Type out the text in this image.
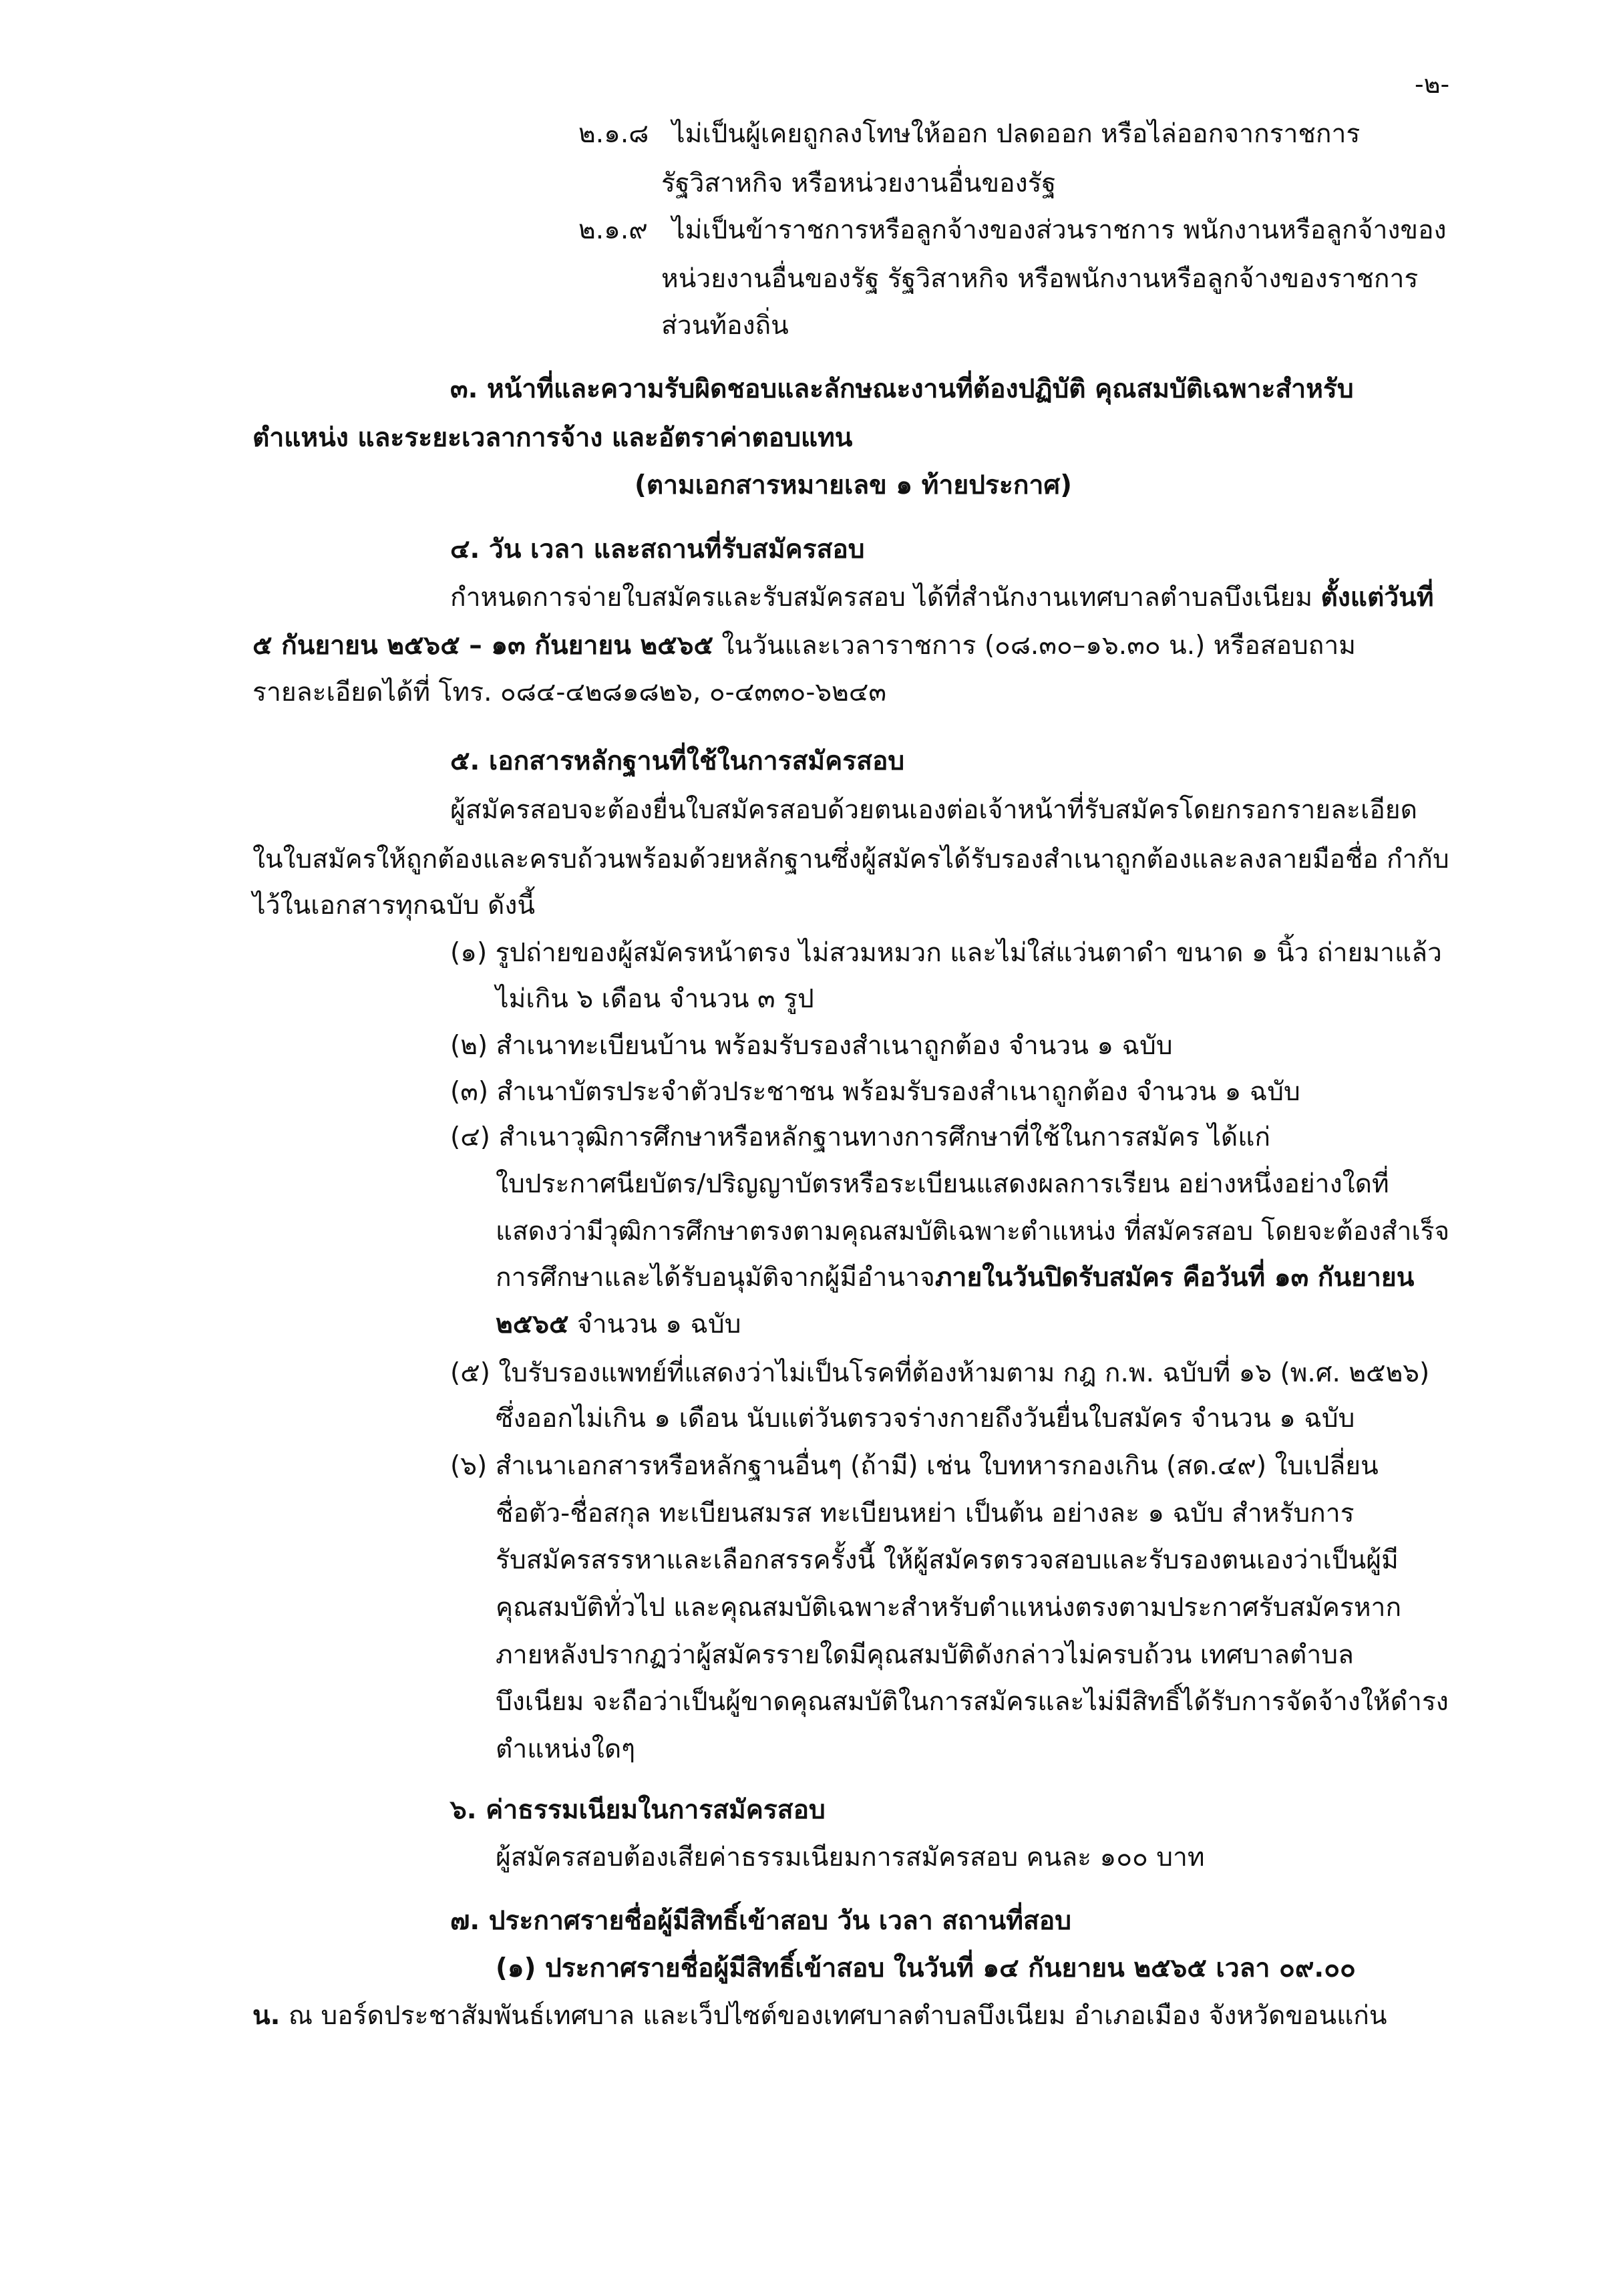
-๒-
๒.๑.๘ ไม่เป็นผู้เคยถูกลงโทษให้ออก ปลดออก หรือไล่ออกจากราชการ
รัฐวิสาหกิจ หรือหน่วยงานอื่นของรัฐ
๒.๑.๙ ไม่เป็นข้าราชการหรือลูกจ้างของส่วนราชการ พนักงานหรือลูกจ้างของ
หน่วยงานอื่นของรัฐ รัฐวิสาหกิจ หรือพนักงานหรือลูกจ้างของราชการ
ส่วนท้องถิ่น
๓. หน้าที่และความรับผิดชอบและลักษณะงานที่ต้องปฏิบัติ คุณสมบัติเฉพาะสำหรับ
ตำแหน่ง และระยะเวลาการจ้าง และอัตราค่าตอบแทน
(ตามเอกสารหมายเลข ๑ ท้ายประกาศ)
๔. วัน เวลา และสถานที่รับสมัครสอบ
กำหนดการจ่ายใบสมัครและรับสมัครสอบ ได้ที่สำนักงานเทศบาลตำบลบึงเนียม ตั้งแต่วันที่
๕ กันยายน ๒๕๖๕ – ๑๓ กันยายน ๒๕๖๕ ในวันและเวลาราชการ (๐๘.๓๐–๑๖.๓๐ น.) หรือสอบถาม
รายละเอียดได้ที่ โทร. ๐๘๔-๔๒๘๑๘๒๖, ๐-๔๓๓๐-๖๒๔๓
๕. เอกสารหลักฐานที่ใช้ในการสมัครสอบ
ผู้สมัครสอบจะต้องยื่นใบสมัครสอบด้วยตนเองต่อเจ้าหน้าที่รับสมัครโดยกรอกรายละเอียด
ในใบสมัครให้ถูกต้องและครบถ้วนพร้อมด้วยหลักฐานซึ่งผู้สมัครได้รับรองสำเนาถูกต้องและลงลายมือชื่อ กำกับ
ไว้ในเอกสารทุกฉบับ ดังนี้
(๑) รูปถ่ายของผู้สมัครหน้าตรง ไม่สวมหมวก และไม่ใส่แว่นตาดำ ขนาด ๑ นิ้ว ถ่ายมาแล้ว
ไม่เกิน ๖ เดือน จำนวน ๓ รูป
(๒) สำเนาทะเบียนบ้าน พร้อมรับรองสำเนาถูกต้อง จำนวน ๑ ฉบับ
(๓) สำเนาบัตรประจำตัวประชาชน พร้อมรับรองสำเนาถูกต้อง จำนวน ๑ ฉบับ
(๔) สำเนาวุฒิการศึกษาหรือหลักฐานทางการศึกษาที่ใช้ในการสมัคร ได้แก่
ใบประกาศนียบัตร/ปริญญาบัตรหรือระเบียนแสดงผลการเรียน อย่างหนึ่งอย่างใดที่
แสดงว่ามีวุฒิการศึกษาตรงตามคุณสมบัติเฉพาะตำแหน่ง ที่สมัครสอบ โดยจะต้องสำเร็จ
การศึกษาและได้รับอนุมัติจากผู้มีอำนาจภายในวันปิดรับสมัคร คือวันที่ ๑๓ กันยายน
๒๕๖๕ จำนวน ๑ ฉบับ
(๕) ใบรับรองแพทย์ที่แสดงว่าไม่เป็นโรคที่ต้องห้ามตาม กฎ ก.พ. ฉบับที่ ๑๖ (พ.ศ. ๒๕๒๖)
ซึ่งออกไม่เกิน ๑ เดือน นับแต่วันตรวจร่างกายถึงวันยื่นใบสมัคร จำนวน ๑ ฉบับ
(๖) สำเนาเอกสารหรือหลักฐานอื่นๆ (ถ้ามี) เช่น ใบทหารกองเกิน (สด.๔๙) ใบเปลี่ยน
ชื่อตัว-ชื่อสกุล ทะเบียนสมรส ทะเบียนหย่า เป็นต้น อย่างละ ๑ ฉบับ สำหรับการ
รับสมัครสรรหาและเลือกสรรครั้งนี้ ให้ผู้สมัครตรวจสอบและรับรองตนเองว่าเป็นผู้มี
คุณสมบัติทั่วไป และคุณสมบัติเฉพาะสำหรับตำแหน่งตรงตามประกาศรับสมัครหาก
ภายหลังปรากฏว่าผู้สมัครรายใดมีคุณสมบัติดังกล่าวไม่ครบถ้วน เทศบาลตำบล
บึงเนียม จะถือว่าเป็นผู้ขาดคุณสมบัติในการสมัครและไม่มีสิทธิ์ได้รับการจัดจ้างให้ดำรง
ตำแหน่งใดๆ
๖. ค่าธรรมเนียมในการสมัครสอบ
ผู้สมัครสอบต้องเสียค่าธรรมเนียมการสมัครสอบ คนละ ๑๐๐ บาท
๗. ประกาศรายชื่อผู้มีสิทธิ์เข้าสอบ วัน เวลา สถานที่สอบ
(๑) ประกาศรายชื่อผู้มีสิทธิ์เข้าสอบ ในวันที่ ๑๔ กันยายน ๒๕๖๕ เวลา ๐๙.๐๐
น. ณ บอร์ดประชาสัมพันธ์เทศบาล และเว็ปไซต์ของเทศบาลตำบลบึงเนียม อำเภอเมือง จังหวัดขอนแก่น
